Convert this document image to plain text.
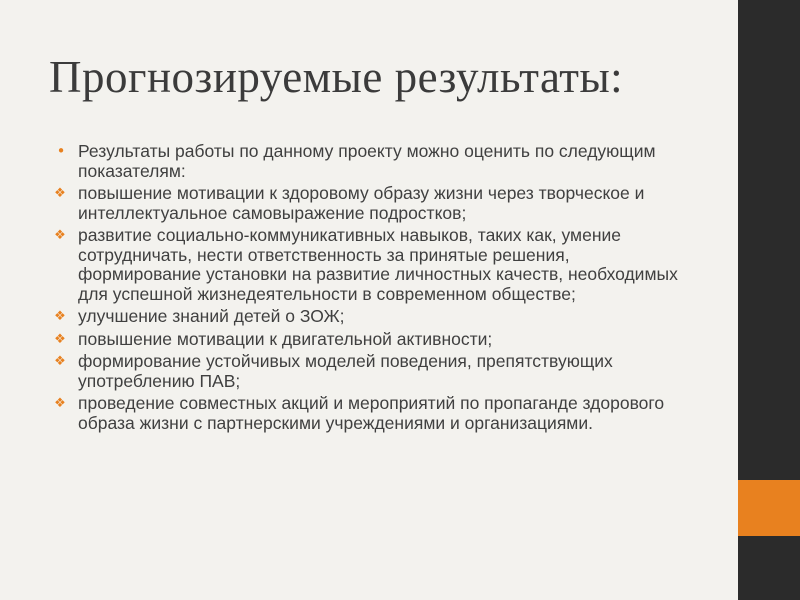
Прогнозируемые результаты:
• Результаты работы по данному проекту можно оценить по следующим показателям:
❖ повышение мотивации к здоровому образу жизни через творческое и интеллектуальное самовыражение подростков;
❖ развитие социально-коммуникативных навыков, таких как, умение сотрудничать, нести ответственность за принятые решения, формирование установки на развитие личностных качеств, необходимых для успешной жизнедеятельности в современном обществе;
❖ улучшение знаний детей о ЗОЖ;
❖ повышение мотивации к двигательной активности;
❖ формирование устойчивых моделей поведения, препятствующих употреблению ПАВ;
❖ проведение совместных акций и мероприятий по пропаганде здорового образа жизни с партнерскими учреждениями и организациями.
